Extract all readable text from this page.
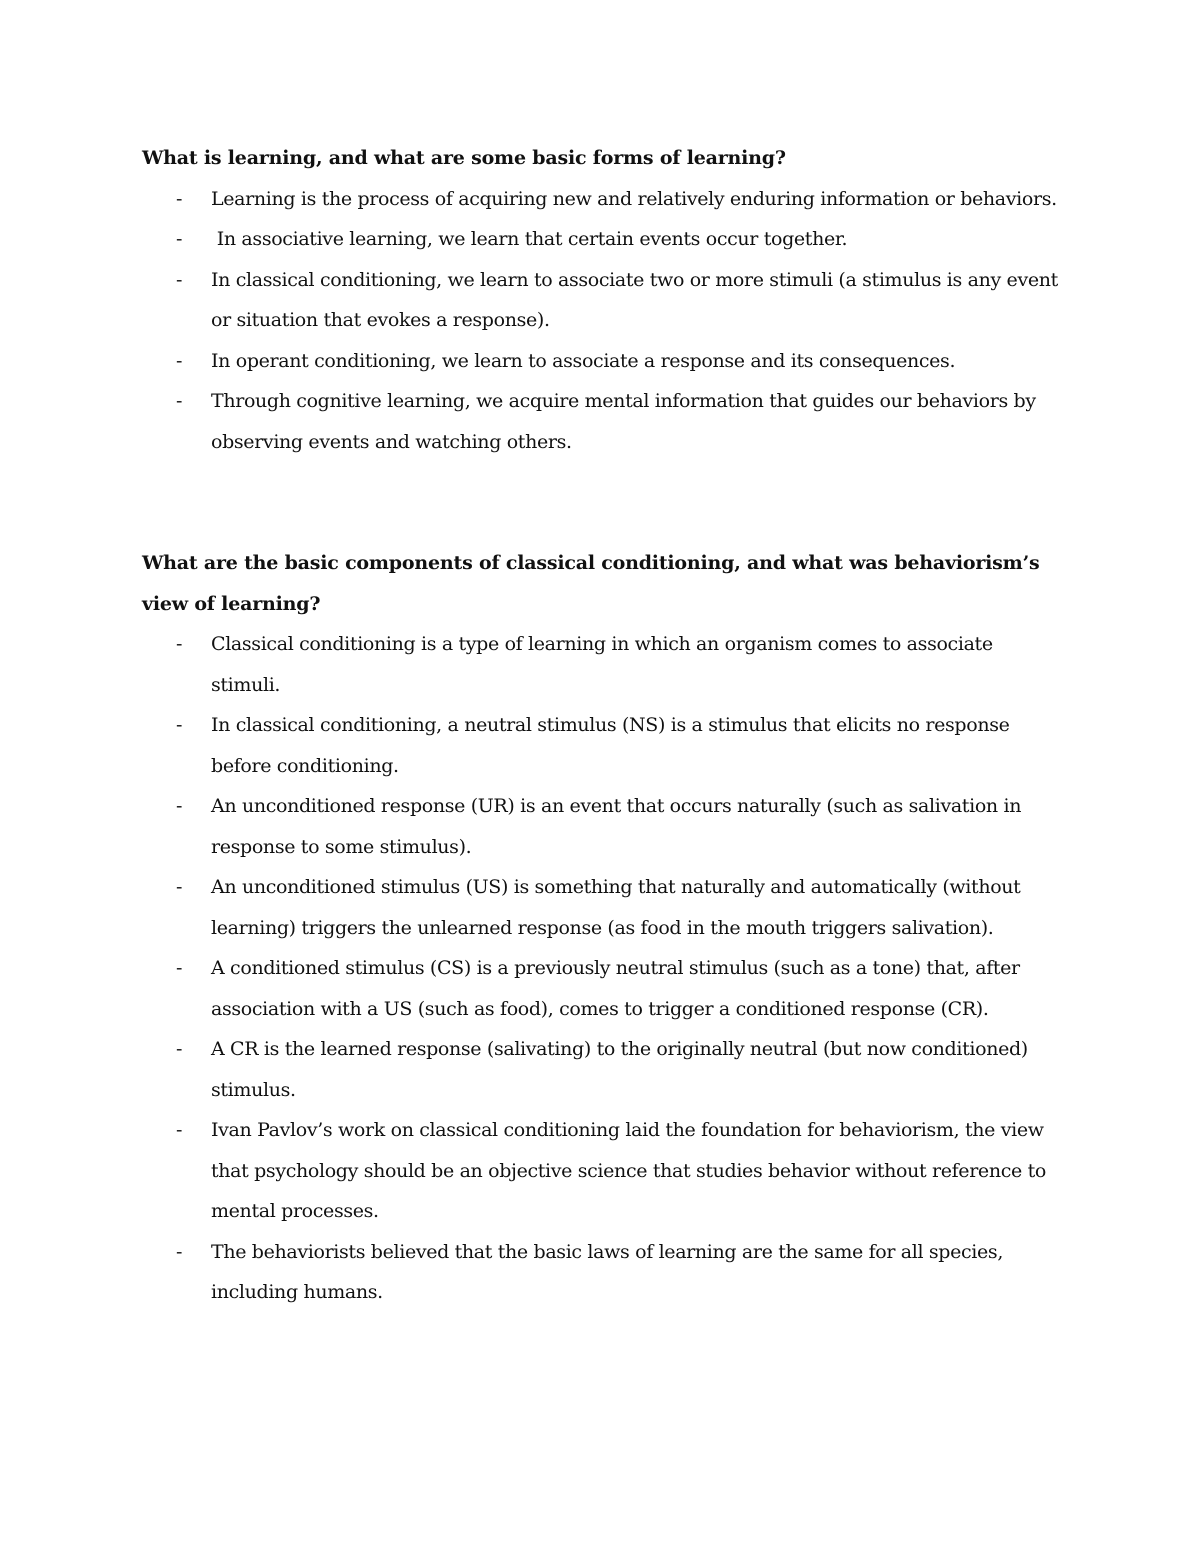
What is learning, and what are some basic forms of learning?
- Learning is the process of acquiring new and relatively enduring information or behaviors.
- In associative learning, we learn that certain events occur together.
- In classical conditioning, we learn to associate two or more stimuli (a stimulus is any event or situation that evokes a response).
- In operant conditioning, we learn to associate a response and its consequences.
- Through cognitive learning, we acquire mental information that guides our behaviors by observing events and watching others.
What are the basic components of classical conditioning, and what was behaviorism’s view of learning?
- Classical conditioning is a type of learning in which an organism comes to associate stimuli.
- In classical conditioning, a neutral stimulus (NS) is a stimulus that elicits no response before conditioning.
- An unconditioned response (UR) is an event that occurs naturally (such as salivation in response to some stimulus).
- An unconditioned stimulus (US) is something that naturally and automatically (without learning) triggers the unlearned response (as food in the mouth triggers salivation).
- A conditioned stimulus (CS) is a previously neutral stimulus (such as a tone) that, after association with a US (such as food), comes to trigger a conditioned response (CR).
- A CR is the learned response (salivating) to the originally neutral (but now conditioned) stimulus.
- Ivan Pavlov’s work on classical conditioning laid the foundation for behaviorism, the view that psychology should be an objective science that studies behavior without reference to mental processes.
- The behaviorists believed that the basic laws of learning are the same for all species, including humans.
